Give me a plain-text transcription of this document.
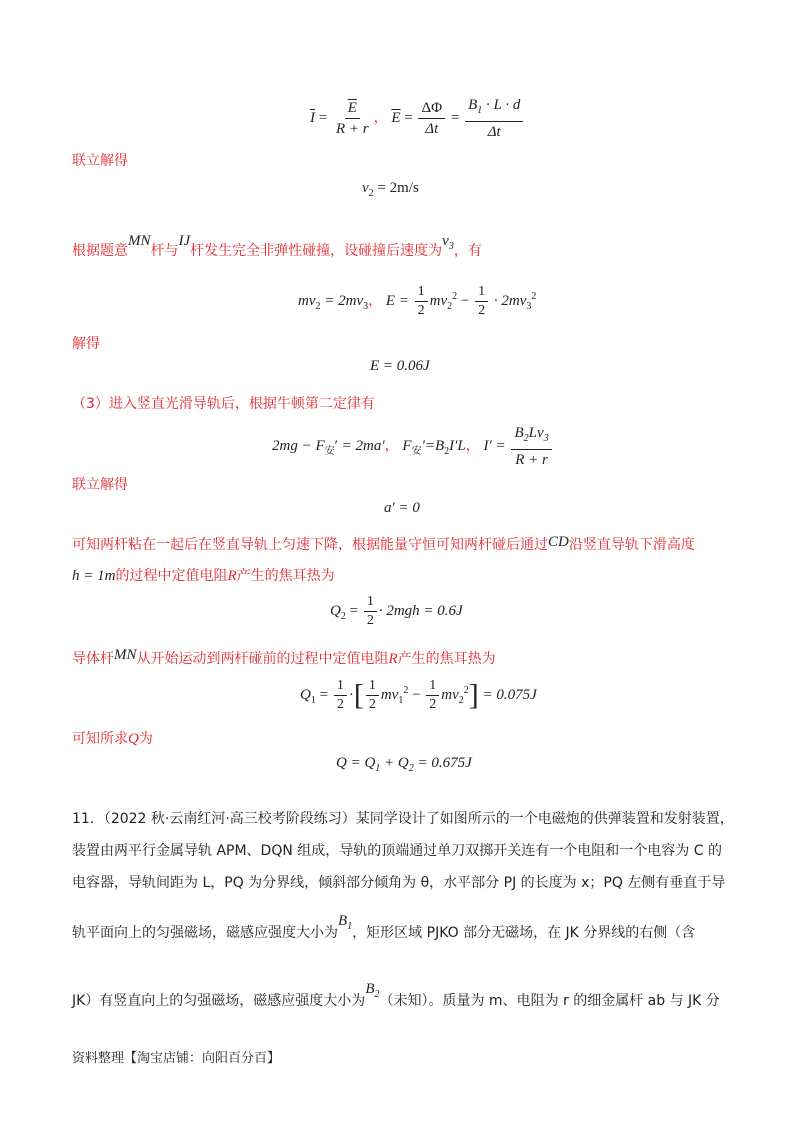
$\overline{I} = \frac{\overline{E}}{R + r}$ ， $\overline{E} = \frac{\Delta\Phi}{\Delta t} = \frac{B_1 \cdot L \cdot d}{\Delta t}$
联立解得
$v_2 = 2m/s$
根据题意MN杆与IJ杆发生完全非弹性碰撞，设碰撞后速度为$v_3$，有
$mv_2 = 2mv_3$， $E = \frac{1}{2} mv_2^2 - \frac{1}{2} \cdot 2mv_3^2$
解得
E = 0.06J
（3）进入竖直光滑导轨后，根据牛顿第二定律有
$2mg - F_安' = 2ma'$， $F_安'=B_2I'L$， $I' = \frac{B_2Lv_3}{R + r}$
联立解得
a′ = 0
可知两杆粘在一起后在竖直导轨上匀速下降，根据能量守恒可知两杆碰后通过CD沿竖直导轨下滑高度
h = 1m的过程中定值电阻R产生的焦耳热为
$Q_2 = \frac{1}{2} \cdot 2mgh = 0.6J$
导体杆MN从开始运动到两杆碰前的过程中定值电阻R产生的焦耳热为
$Q_1 = \frac{1}{2}$ ·[ $\frac{1}{2} mv_1^2 - \frac{1}{2} mv_2^2] = 0.075J$
可知所求Q为
$Q = Q_1 + Q_2 = 0.675J$
11．（2022 秋·云南红河·高三校考阶段练习）某同学设计了如图所示的一个电磁炮的供弹装置和发射装置，
装置由两平行金属导轨 APM、DQN 组成，导轨的顶端通过单刀双掷开关连有一个电阻和一个电容为 C 的
电容器，导轨间距为 L，PQ 为分界线，倾斜部分倾角为 θ，水平部分 PJ 的长度为 x；PQ 左侧有垂直于导
轨平面向上的匀强磁场，磁感应强度大小为$B_1$，矩形区域 PJKO 部分无磁场，在 JK 分界线的右侧（含
JK）有竖直向上的匀强磁场，磁感应强度大小为$B_2$（未知）。质量为 m、电阻为 r 的细金属杆 ab 与 JK 分
资料整理【淘宝店铺：向阳百分百】
